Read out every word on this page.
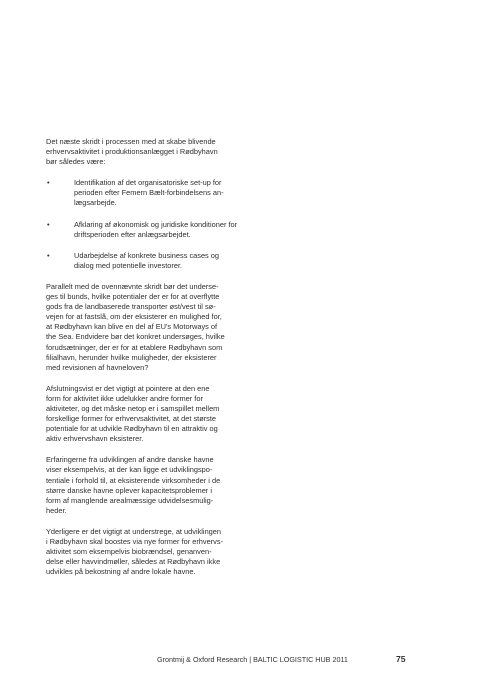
Det næste skridt i processen med at skabe blivende
erhvervsaktivitet i produktionsanlægget i Rødbyhavn
bør således være:

•	Identifikation af det organisatoriske set-up for
perioden efter Femern Bælt-forbindelsens an-
lægsarbejde.
•	Afklaring af økonomisk og juridiske konditioner for
driftsperioden efter anlægsarbejdet.
•	Udarbejdelse af konkrete business cases og
dialog med potentielle investorer.

Parallelt med de ovennævnte skridt bør det underse-
ges til bunds, hvilke potentialer der er for at overflytte
gods fra de landbaserede transporter øst/vest til sø-
vejen for at fastslå, om der eksisterer en mulighed for,
at Rødbyhavn kan blive en del af EU's Motorways of
the Sea. Endvidere bør det konkret undersøges, hvilke
forudsætninger, der er for at etablere Rødbyhavn som
filialhavn, herunder hvilke muligheder, der eksisterer
med revisionen af havneloven?

Afslutningsvist er det vigtigt at pointere at den ene
form for aktivitet ikke udelukker andre former for
aktiviteter, og det måske netop er i samspillet mellem
forskellige former for erhvervsaktivitet, at det største
potentiale for at udvikle Rødbyhavn til en attraktiv og
aktiv erhvervshavn eksisterer.

Erfaringerne fra udviklingen af andre danske havne
viser eksempelvis, at der kan ligge et udviklingspo-
tentiale i forhold til, at eksisterende virksomheder i de
større danske havne oplever kapacitetsproblemer i
form af manglende arealmæssige udvidelsesmulig-
heder.

Yderligere er det vigtigt at understrege, at udviklingen
i Rødbyhavn skal boostes via nye former for erhvervs-
aktivitet som eksempelvis biobrændsel, genanven-
delse eller havvindmøller, således at Rødbyhavn ikke
udvikles på bekostning af andre lokale havne.

Grontmij & Oxford Research | BALTIC LOGISTIC HUB 2011	75
